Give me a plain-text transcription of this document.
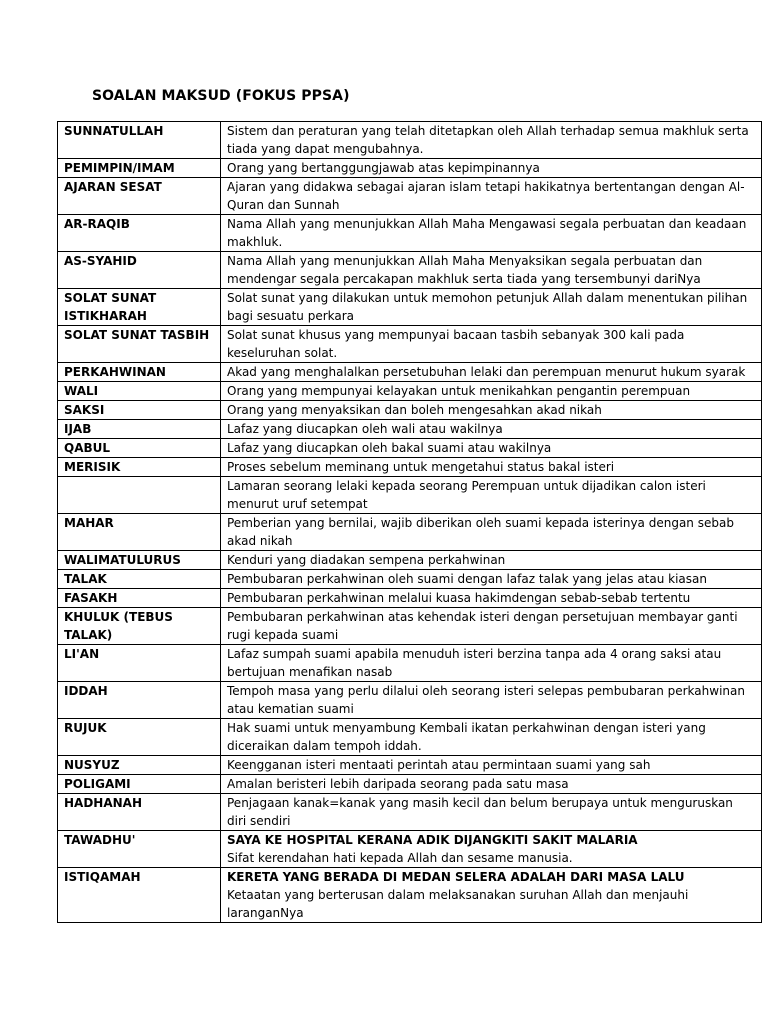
SOALAN MAKSUD (FOKUS PPSA)
SUNNATULLAH	Sistem dan peraturan yang telah ditetapkan oleh Allah terhadap semua makhluk serta tiada yang dapat mengubahnya.
PEMIMPIN/IMAM	Orang yang bertanggungjawab atas kepimpinannya
AJARAN SESAT	Ajaran yang didakwa sebagai ajaran islam tetapi hakikatnya bertentangan dengan Al-Quran dan Sunnah
AR-RAQIB	Nama Allah yang menunjukkan Allah Maha Mengawasi segala perbuatan dan keadaan makhluk.
AS-SYAHID	Nama Allah yang menunjukkan Allah Maha Menyaksikan segala perbuatan dan mendengar segala percakapan makhluk serta tiada yang tersembunyi dariNya
SOLAT SUNAT ISTIKHARAH	Solat sunat yang dilakukan untuk memohon petunjuk Allah dalam menentukan pilihan bagi sesuatu perkara
SOLAT SUNAT TASBIH	Solat sunat khusus yang mempunyai bacaan tasbih sebanyak 300 kali pada keseluruhan solat.
PERKAHWINAN	Akad yang menghalalkan persetubuhan lelaki dan perempuan menurut hukum syarak
WALI	Orang yang mempunyai kelayakan untuk menikahkan pengantin perempuan
SAKSI	Orang yang menyaksikan dan boleh mengesahkan akad nikah
IJAB	Lafaz yang diucapkan oleh wali atau wakilnya
QABUL	Lafaz yang diucapkan oleh bakal suami atau wakilnya
MERISIK	Proses sebelum meminang untuk mengetahui status bakal isteri
	Lamaran seorang lelaki kepada seorang Perempuan untuk dijadikan calon isteri menurut uruf setempat
MAHAR	Pemberian yang bernilai, wajib diberikan oleh suami kepada isterinya dengan sebab akad nikah
WALIMATULURUS	Kenduri yang diadakan sempena perkahwinan
TALAK	Pembubaran perkahwinan oleh suami dengan lafaz talak yang jelas atau kiasan
FASAKH	Pembubaran perkahwinan melalui kuasa hakimdengan sebab-sebab tertentu
KHULUK (TEBUS TALAK)	Pembubaran perkahwinan atas kehendak isteri dengan persetujuan membayar ganti rugi kepada suami
LI'AN	Lafaz sumpah suami apabila menuduh isteri berzina tanpa ada 4 orang saksi atau bertujuan menafikan nasab
IDDAH	Tempoh masa yang perlu dilalui oleh seorang isteri selepas pembubaran perkahwinan atau kematian suami
RUJUK	Hak suami untuk menyambung Kembali ikatan perkahwinan dengan isteri yang diceraikan dalam tempoh iddah.
NUSYUZ	Keengganan isteri mentaati perintah atau permintaan suami yang sah
POLIGAMI	Amalan beristeri lebih daripada seorang pada satu masa
HADHANAH	Penjagaan kanak=kanak yang masih kecil dan belum berupaya untuk menguruskan diri sendiri
TAWADHU'	SAYA KE HOSPITAL KERANA ADIK DIJANGKITI SAKIT MALARIA
Sifat kerendahan hati kepada Allah dan sesame manusia.

ISTIQAMAH	KERETA YANG BERADA DI MEDAN SELERA ADALAH DARI MASA LALU
Ketaatan yang berterusan dalam melaksanakan suruhan Allah dan menjauhi laranganNya
